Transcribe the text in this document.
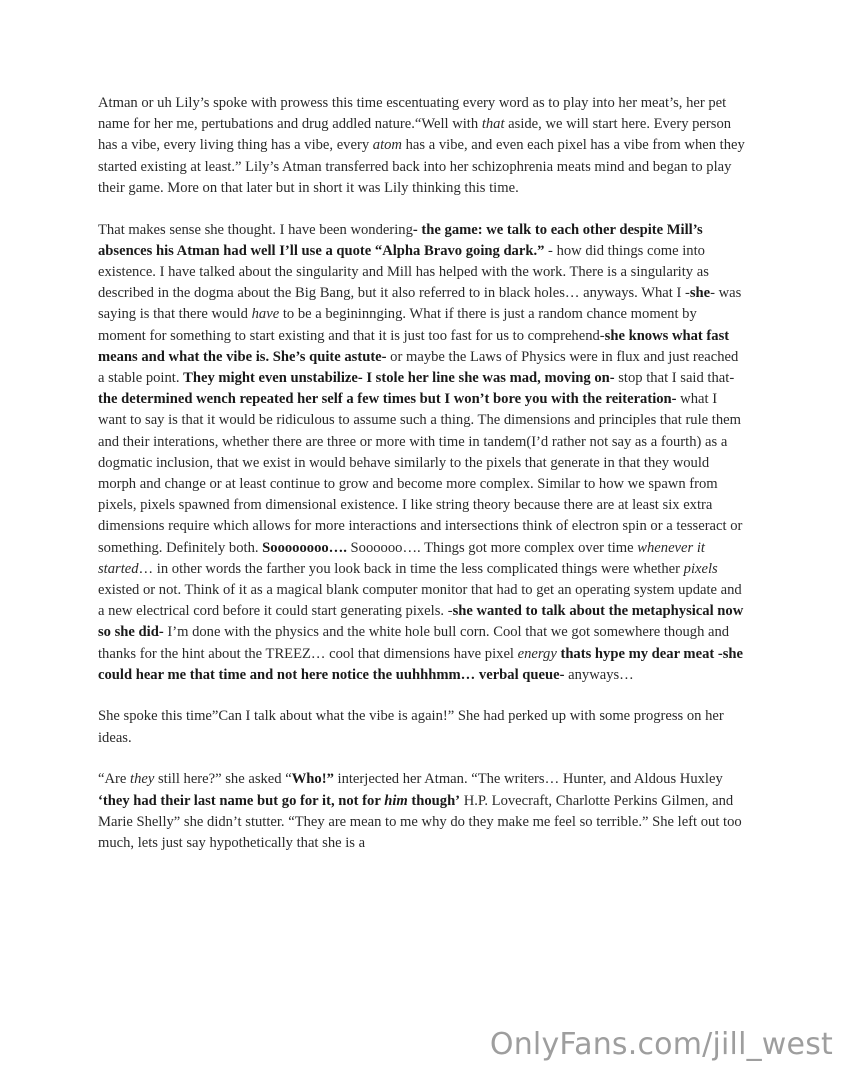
Atman or uh Lily’s spoke with prowess this time escentuating every word as to play into her meat’s, her pet name for her me, pertubations and drug addled nature.“Well with that aside, we will start here. Every person has a vibe, every living thing has a vibe, every atom has a vibe, and even each pixel has a vibe from when they started existing at least.” Lily’s Atman transferred back into her schizophrenia meats mind and began to play their game. More on that later but in short it was Lily thinking this time.

That makes sense she thought. I have been wondering- the game: we talk to each other despite Mill’s absences his Atman had well I’ll use a quote “Alpha Bravo going dark.” - how did things come into existence. I have talked about the singularity and Mill has helped with the work. There is a singularity as described in the dogma about the Big Bang, but it also referred to in black holes… anyways. What I -she- was saying is that there would have to be a begininnging. What if there is just a random chance moment by moment for something to start existing and that it is just too fast for us to comprehend-she knows what fast means and what the vibe is. She’s quite astute- or maybe the Laws of Physics were in flux and just reached a stable point. They might even unstabilize- I stole her line she was mad, moving on- stop that I said that-the determined wench repeated her self a few times but I won’t bore you with the reiteration- what I want to say is that it would be ridiculous to assume such a thing. The dimensions and principles that rule them and their interations, whether there are three or more with time in tandem(I’d rather not say as a fourth) as a dogmatic inclusion, that we exist in would behave similarly to the pixels that generate in that they would morph and change or at least continue to grow and become more complex. Similar to how we spawn from pixels, pixels spawned from dimensional existence. I like string theory because there are at least six extra dimensions require which allows for more interactions and intersections think of electron spin or a tesseract or something. Definitely both. Soooooooo…. Soooooo…. Things got more complex over time whenever it started… in other words the farther you look back in time the less complicated things were whether pixels existed or not. Think of it as a magical blank computer monitor that had to get an operating system update and a new electrical cord before it could start generating pixels. -she wanted to talk about the metaphysical now so she did- I’m done with the physics and the white hole bull corn. Cool that we got somewhere though and thanks for the hint about the TREEZ… cool that dimensions have pixel energy thats hype my dear meat -she could hear me that time and not here notice the uuhhhmm… verbal queue- anyways…

She spoke this time”Can I talk about what the vibe is again!” She had perked up with some progress on her ideas.

“Are they still here?” she asked “Who!” interjected her Atman. “The writers… Hunter, and Aldous Huxley ‘they had their last name but go for it, not for him though’ H.P. Lovecraft, Charlotte Perkins Gilmen, and Marie Shelly” she didn’t stutter. “They are mean to me why do they make me feel so terrible.” She left out too much, lets just say hypothetically that she is a

OnlyFans.com/jill_west
